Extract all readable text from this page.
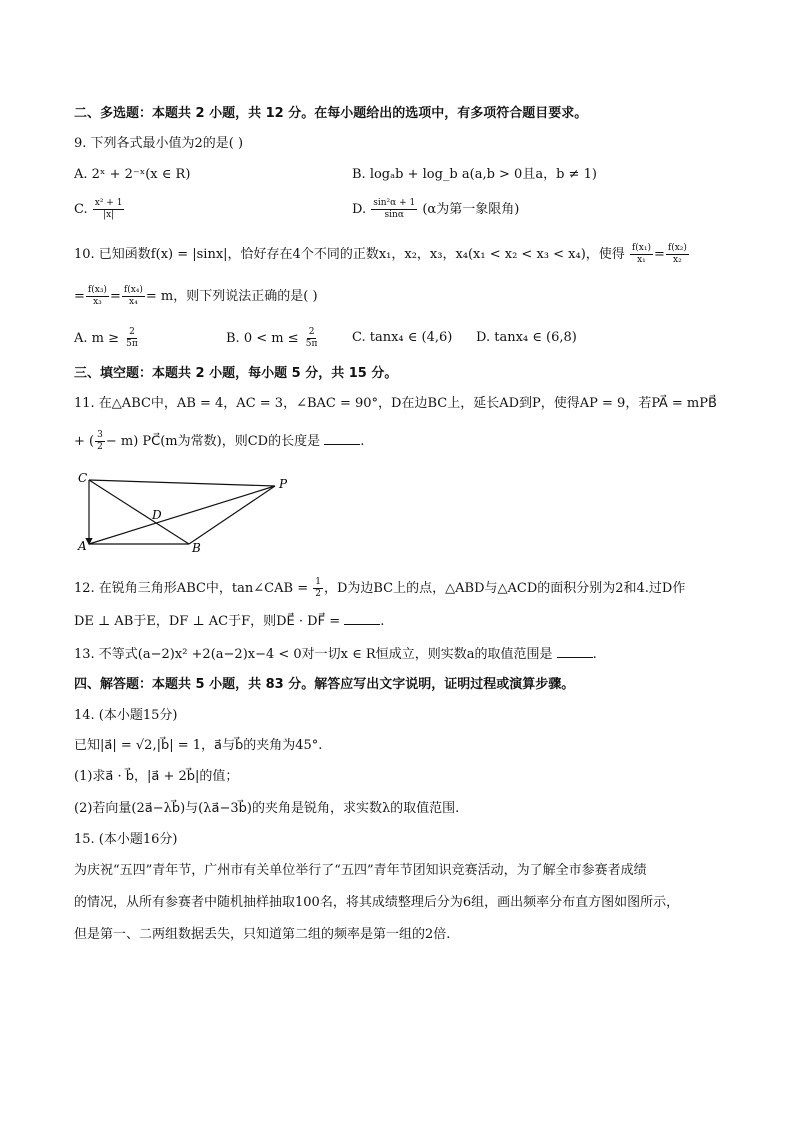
二、多选题：本题共 2 小题，共 12 分。在每小题给出的选项中，有多项符合题目要求。
9. 下列各式最小值为2的是( )
A. 2ˣ + 2⁻ˣ(x ∈ R)	B. logₐb + log_b a(a,b > 0且a，b ≠ 1)
C. $\frac{\text{x² + 1}}{|x|}$	D. $\frac{\text{sin²α + 1}}{\sin\alpha} (\alpha$为第一象限角)
10. 已知函数f(x) = |sinx|，恰好存在4个不同的正数x₁，x₂，x₃，x₄(x₁ < x₂ < x₃ < x₄)，使得 $\frac{\text{f(x₁)}}{\text{x₁}} = \frac{\text{f(x₂)}}{\text{x₂}}$
= $\frac{\text{f(x₃)}}{\text{x₃}} = \frac{\text{f(x₄)}}{\text{x₄}} = m$，则下列说法正确的是( )
A. $m \ge \frac{2}{5\pi}$	B. $0 < m \le \frac{2}{5\pi}$	C. tanx₄ ∈ (4,6) D. tanx₄ ∈ (6,8)
三、填空题：本题共 2 小题，每小题 5 分，共 15 分。
11. 在△ABC中，AB = 4，AC = 3，∠BAC = 90°，D在边BC上，延长AD到P，使得AP = 9，若PA⃗ = mPB⃗
+ ( $\frac{3}{2} - m$) PC⃗(m为常数)，则CD的长度是	.
C	P
D
A	B
12. 在锐角三角形ABC中，tan∠CAB = $\frac{1}{2}$ ，D为边BC上的点，△ABD与△ACD的面积分别为2和4.过D作
DE ⊥ AB于E，DF ⊥ AC于F，则DE⃗ · DF⃗ =	.
13. 不等式(a−2)x² +2(a−2)x−4 < 0对一切x ∈ R恒成立，则实数a的取值范围是	.
四、解答题：本题共 5 小题，共 83 分。解答应写出文字说明，证明过程或演算步骤。
14. (本小题15分)
已知|a⃗| = √2,|b⃗| = 1，a⃗与b⃗的夹角为45°.
(1)求a⃗ · b⃗，|a⃗ + 2b⃗|的值；
(2)若向量(2a⃗−λb⃗)与(λa⃗−3b⃗)的夹角是锐角，求实数λ的取值范围.
15. (本小题16分)
为庆祝“五四”青年节，广州市有关单位举行了“五四”青年节团知识竞赛活动，为了解全市参赛者成绩
的情况，从所有参赛者中随机抽样抽取100名，将其成绩整理后分为6组，画出频率分布直方图如图所示，
但是第一、二两组数据丢失，只知道第二组的频率是第一组的2倍.
